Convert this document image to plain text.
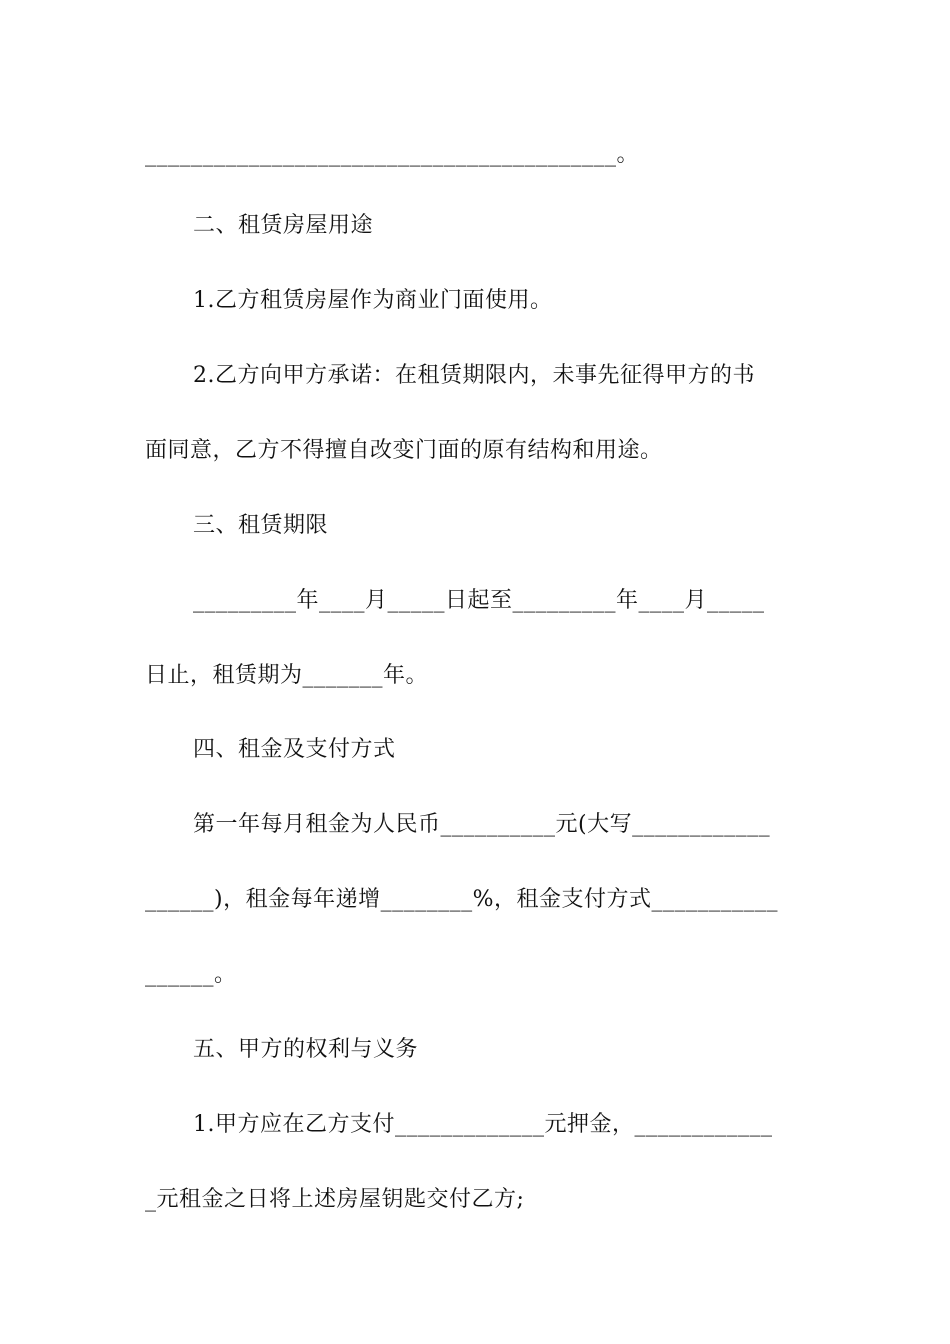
_________________________________________。
二、租赁房屋用途
1.乙方租赁房屋作为商业门面使用。
2.乙方向甲方承诺：在租赁期限内，未事先征得甲方的书
面同意，乙方不得擅自改变门面的原有结构和用途。
三、租赁期限
_________年____月_____日起至_________年____月_____
日止，租赁期为_______年。
四、租金及支付方式
第一年每月租金为人民币__________元(大写____________
______)，租金每年递增________%，租金支付方式___________
______。
五、甲方的权利与义务
1.甲方应在乙方支付_____________元押金，____________
_元租金之日将上述房屋钥匙交付乙方;
